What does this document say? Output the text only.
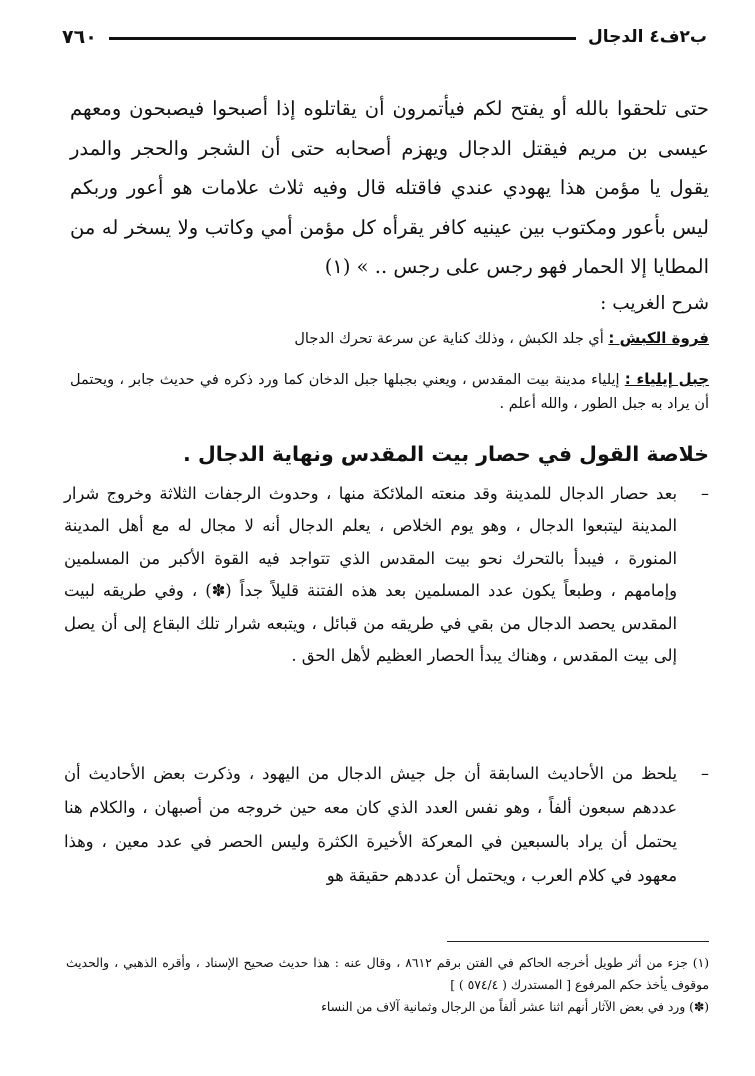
ب٢ف٤ الدجال
٧٦٠

حتى تلحقوا بالله أو يفتح لكم فيأتمرون أن يقاتلوه إذا أصبحوا فيصبحون ومعهم عيسى بن مريم فيقتل الدجال ويهزم أصحابه حتى أن الشجر والحجر والمدر يقول يا مؤمن هذا يهودي عندي فاقتله قال وفيه ثلاث علامات هو أعور وربكم ليس بأعور ومكتوب بين عينيه كافر يقرأه كل مؤمن أمي وكاتب ولا يسخر له من المطايا إلا الحمار فهو رجس على رجس .. » (١)

شرح الغريب :
فروة الكبش : أي جلد الكبش ، وذلك كناية عن سرعة تحرك الدجال
جبل إيلياء : إيلياء مدينة بيت المقدس ، ويعني بجبلها جبل الدخان كما ورد ذكره في حديث جابر ، ويحتمل أن يراد به جبل الطور ، والله أعلم .
خلاصة القول في حصار بيت المقدس ونهاية الدجال .
–
بعد حصار الدجال للمدينة وقد منعته الملائكة منها ، وحدوث الرجفات الثلاثة وخروج شرار المدينة ليتبعوا الدجال ، وهو يوم الخلاص ، يعلم الدجال أنه لا مجال له مع أهل المدينة المنورة ، فيبدأ بالتحرك نحو بيت المقدس الذي تتواجد فيه القوة الأكبر من المسلمين وإمامهم ، وطبعاً يكون عدد المسلمين بعد هذه الفتنة قليلاً جداً (✽) ، وفي طريقه لبيت المقدس يحصد الدجال من بقي في طريقه من قبائل ، ويتبعه شرار تلك البقاع إلى أن يصل إلى بيت المقدس ، وهناك يبدأ الحصار العظيم لأهل الحق .
–
يلحظ من الأحاديث السابقة أن جل جيش الدجال من اليهود ، وذكرت بعض الأحاديث أن عددهم سبعون ألفاً ، وهو نفس العدد الذي كان معه حين خروجه من أصبهان ، والكلام هنا يحتمل أن يراد بالسبعين في المعركة الأخيرة الكثرة وليس الحصر في عدد معين ، وهذا معهود في كلام العرب ، ويحتمل أن عددهم حقيقة هو
(١) جزء من أثر طويل أخرجه الحاكم في الفتن برقم ٨٦١٢ ، وقال عنه : هذا حديث صحيح الإسناد ، وأقره الذهبي ، والحديث موقوف يأخذ حكم المرفوع [ المستدرك ( ٥٧٤/٤ ) ]
(✽) ورد في بعض الآثار أنهم اثنا عشر ألفاً من الرجال وثمانية آلاف من النساء
